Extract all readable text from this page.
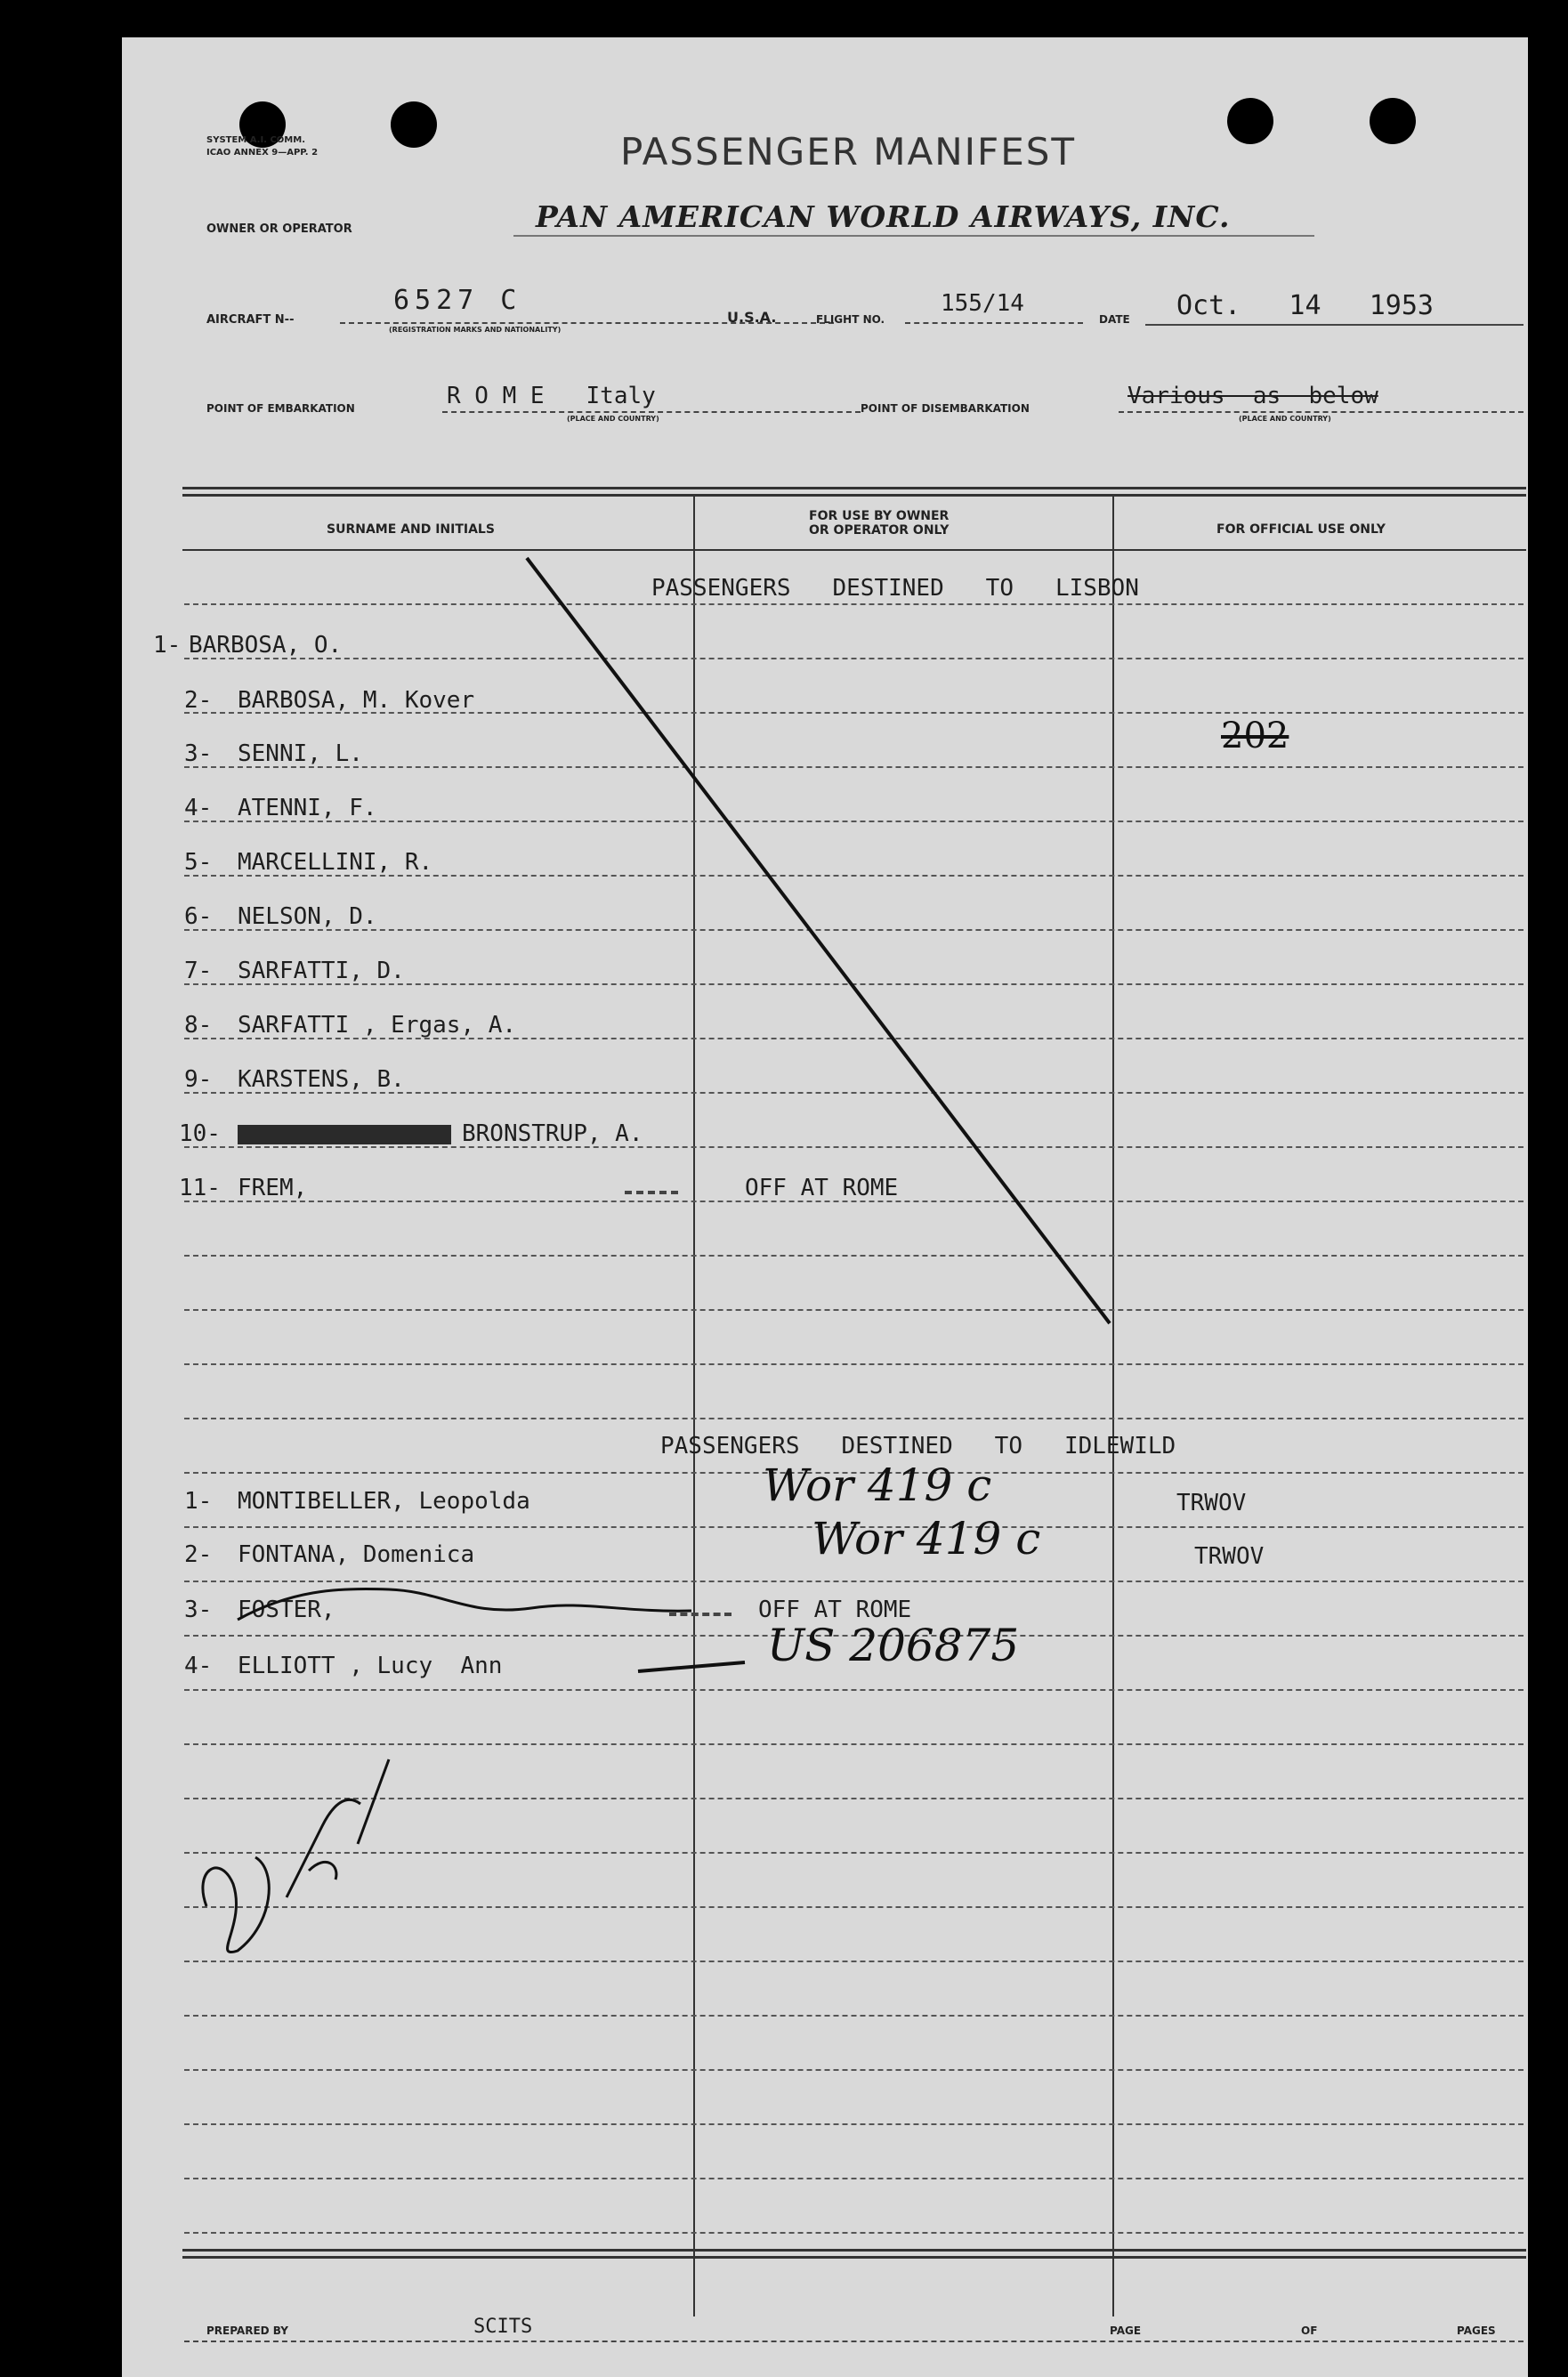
SYSTEM A.I. COMM.
ICAO ANNEX 9—APP. 2	PASSENGER MANIFEST
OWNER OR OPERATOR	PAN AMERICAN WORLD AIRWAYS, INC.
AIRCRAFT N--
6527 C
(REGISTRATION MARKS AND NATIONALITY)
U.S.A.	FLIGHT NO.
155/14
DATE Oct.   14   1953
POINT OF EMBARKATION	R O M E   Italy
(PLACE AND COUNTRY)
POINT OF DISEMBARKATION	Various  as  below
(PLACE AND COUNTRY)
SURNAME AND INITIALS
FOR USE BY OWNER
OR OPERATOR ONLY	FOR OFFICIAL USE ONLY
PASSENGERS   DESTINED   TO   LISBON
1- BARBOSA, O.
2- BARBOSA, M. Kover
3- SENNI, L.
4- ATENNI, F.
5- MARCELLINI, R.
6- NELSON, D.
7- SARFATTI, D.
8- SARFATTI , Ergas, A.
9- KARSTENS, B.
10-	BRONSTRUP, A.
11- FREM,	OFF AT ROME
202
PASSENGERS   DESTINED   TO   IDLEWILD
1- MONTIBELLER, Leopolda	Wor 419 c	TRWOV
2- FONTANA, Domenica	Wor 419 c	TRWOV
3- FOSTER,	OFF AT ROME
4- ELLIOTT , Lucy  Ann	US 206875
PREPARED BY	SCITS	PAGE	OF	PAGES
